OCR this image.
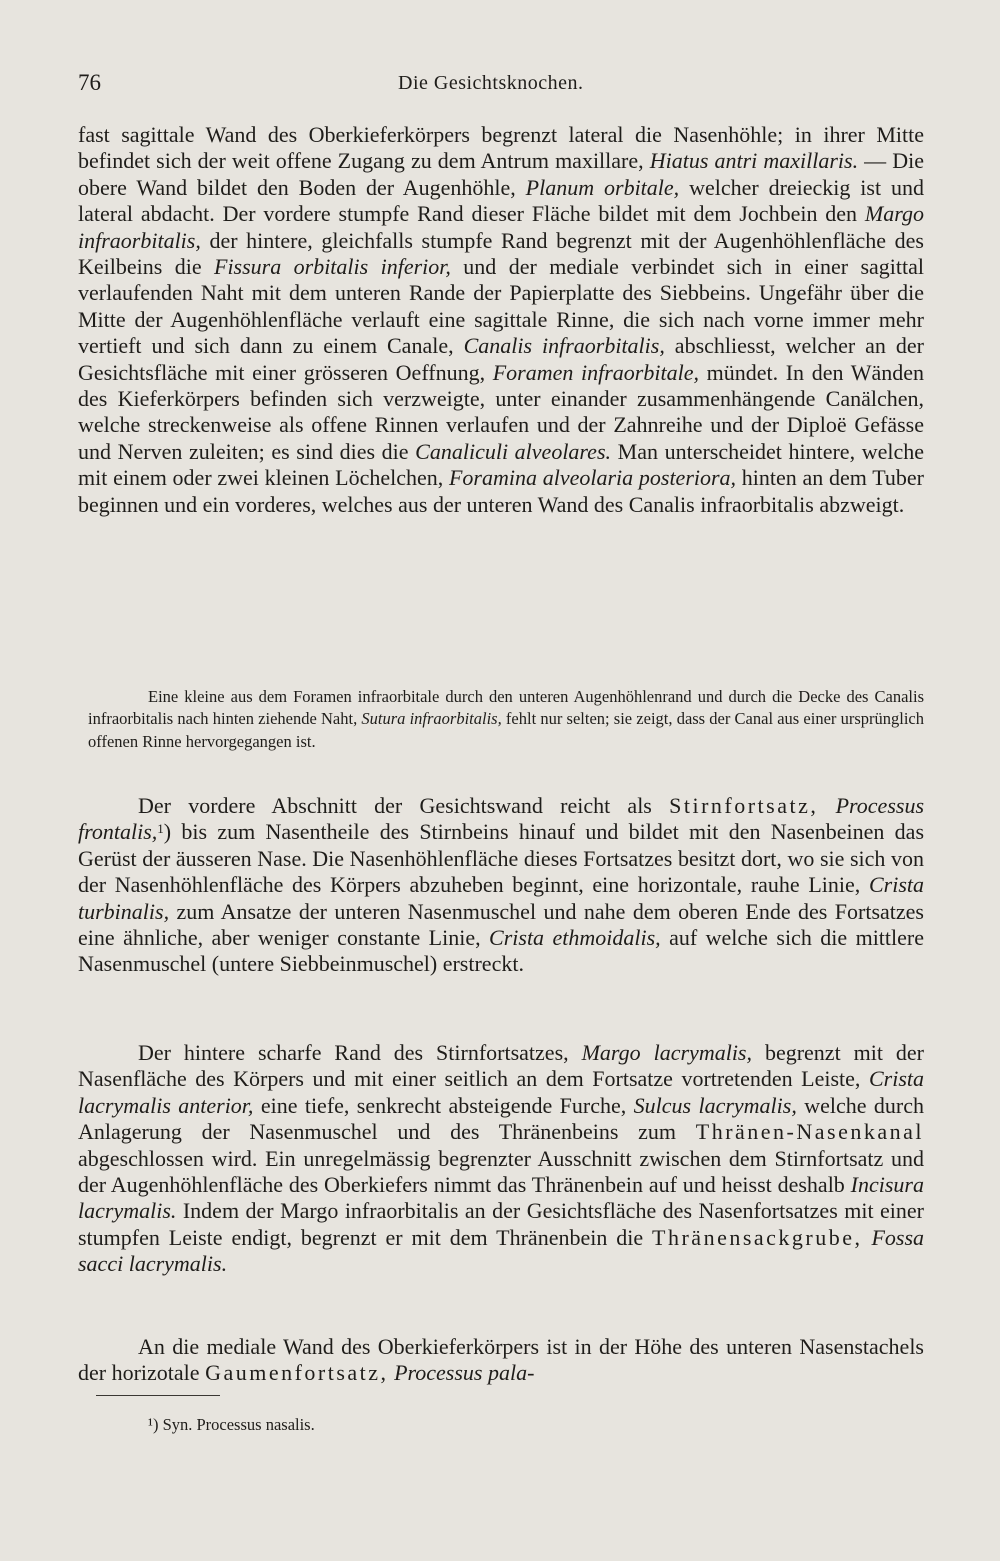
76	Die Gesichtsknochen.

fast sagittale Wand des Oberkieferkörpers begrenzt lateral die Nasenhöhle; in ihrer Mitte befindet sich der weit offene Zugang zu dem Antrum maxillare, Hiatus antri maxillaris. — Die obere Wand bildet den Boden der Augenhöhle, Planum orbitale, welcher dreieckig ist und lateral abdacht. Der vordere stumpfe Rand dieser Fläche bildet mit dem Jochbein den Margo infraorbitalis, der hintere, gleichfalls stumpfe Rand begrenzt mit der Augenhöhlenfläche des Keilbeins die Fissura orbitalis inferior, und der mediale verbindet sich in einer sagittal verlaufenden Naht mit dem unteren Rande der Papierplatte des Siebbeins. Ungefähr über die Mitte der Augenhöhlenfläche verlauft eine sagittale Rinne, die sich nach vorne immer mehr vertieft und sich dann zu einem Canale, Canalis infraorbitalis, abschliesst, welcher an der Gesichtsfläche mit einer grösseren Oeffnung, Foramen infraorbitale, mündet. In den Wänden des Kieferkörpers befinden sich verzweigte, unter einander zusammenhängende Canälchen, welche streckenweise als offene Rinnen verlaufen und der Zahnreihe und der Diploë Gefässe und Nerven zuleiten; es sind dies die Canaliculi alveolares. Man unterscheidet hintere, welche mit einem oder zwei kleinen Löchelchen, Foramina alveolaria posteriora, hinten an dem Tuber beginnen und ein vorderes, welches aus der unteren Wand des Canalis infraorbitalis abzweigt.

Eine kleine aus dem Foramen infraorbitale durch den unteren Augenhöhlenrand und durch die Decke des Canalis infraorbitalis nach hinten ziehende Naht, Sutura infraorbitalis, fehlt nur selten; sie zeigt, dass der Canal aus einer ursprünglich offenen Rinne hervorgegangen ist.

Der vordere Abschnitt der Gesichtswand reicht als Stirnfortsatz, Processus frontalis,$^1$) bis zum Nasentheile des Stirnbeins hinauf und bildet mit den Nasenbeinen das Gerüst der äusseren Nase. Die Nasenhöhlenfläche dieses Fortsatzes besitzt dort, wo sie sich von der Nasenhöhlenfläche des Körpers abzuheben beginnt, eine horizontale, rauhe Linie, Crista turbinalis, zum Ansatze der unteren Nasenmuschel und nahe dem oberen Ende des Fortsatzes eine ähnliche, aber weniger constante Linie, Crista ethmoidalis, auf welche sich die mittlere Nasenmuschel (untere Siebbeinmuschel) erstreckt.

Der hintere scharfe Rand des Stirnfortsatzes, Margo lacrymalis, begrenzt mit der Nasenfläche des Körpers und mit einer seitlich an dem Fortsatze vortretenden Leiste, Crista lacrymalis anterior, eine tiefe, senkrecht absteigende Furche, Sulcus lacrymalis, welche durch Anlagerung der Nasenmuschel und des Thränenbeins zum Thränen-Nasenkanal abgeschlossen wird. Ein unregelmässig begrenzter Ausschnitt zwischen dem Stirnfortsatz und der Augenhöhlenfläche des Oberkiefers nimmt das Thränenbein auf und heisst deshalb Incisura lacrymalis. Indem der Margo infraorbitalis an der Gesichtsfläche des Nasenfortsatzes mit einer stumpfen Leiste endigt, begrenzt er mit dem Thränenbein die Thränensackgrube, Fossa sacci lacrymalis.

An die mediale Wand des Oberkieferkörpers ist in der Höhe des unteren Nasenstachels der horizotale Gaumenfortsatz, Processus pala-

¹) Syn. Processus nasalis.
